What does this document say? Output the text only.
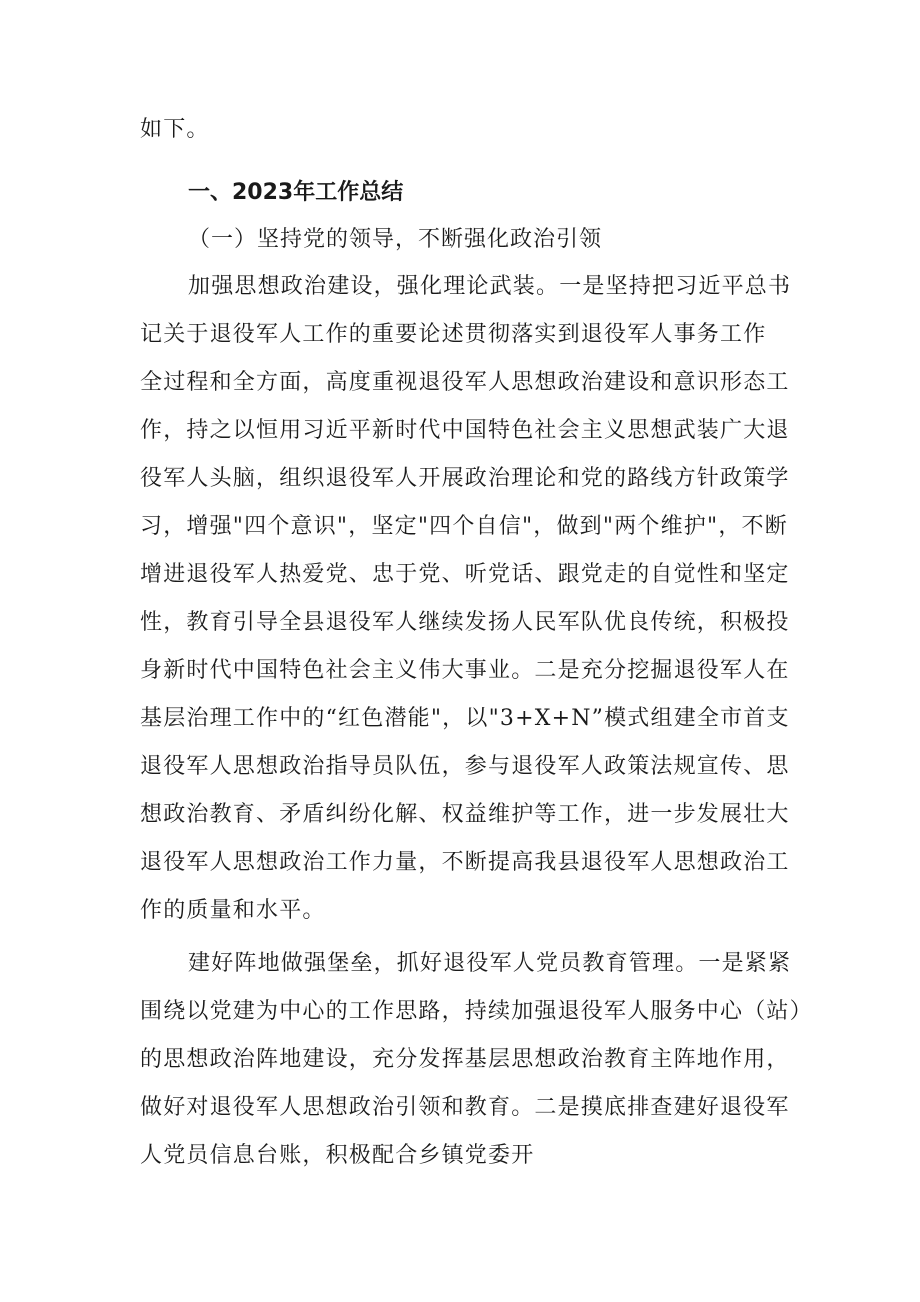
如下。
一、2023年工作总结
（一）坚持党的领导，不断强化政治引领
加强思想政治建设，强化理论武装。一是坚持把习近平总书
记关于退役军人工作的重要论述贯彻落实到退役军人事务工作
全过程和全方面，高度重视退役军人思想政治建设和意识形态工
作，持之以恒用习近平新时代中国特色社会主义思想武装广大退
役军人头脑，组织退役军人开展政治理论和党的路线方针政策学
习，增强"四个意识"，坚定"四个自信"，做到"两个维护"，不断
增进退役军人热爱党、忠于党、听党话、跟党走的自觉性和坚定
性，教育引导全县退役军人继续发扬人民军队优良传统，积极投
身新时代中国特色社会主义伟大事业。二是充分挖掘退役军人在
基层治理工作中的“红色潜能"，以"3+X+N”模式组建全市首支
退役军人思想政治指导员队伍，参与退役军人政策法规宣传、思
想政治教育、矛盾纠纷化解、权益维护等工作，进一步发展壮大
退役军人思想政治工作力量，不断提高我县退役军人思想政治工
作的质量和水平。
建好阵地做强堡垒，抓好退役军人党员教育管理。一是紧紧
围绕以党建为中心的工作思路，持续加强退役军人服务中心（站）
的思想政治阵地建设，充分发挥基层思想政治教育主阵地作用，
做好对退役军人思想政治引领和教育。二是摸底排查建好退役军
人党员信息台账，积极配合乡镇党委开
